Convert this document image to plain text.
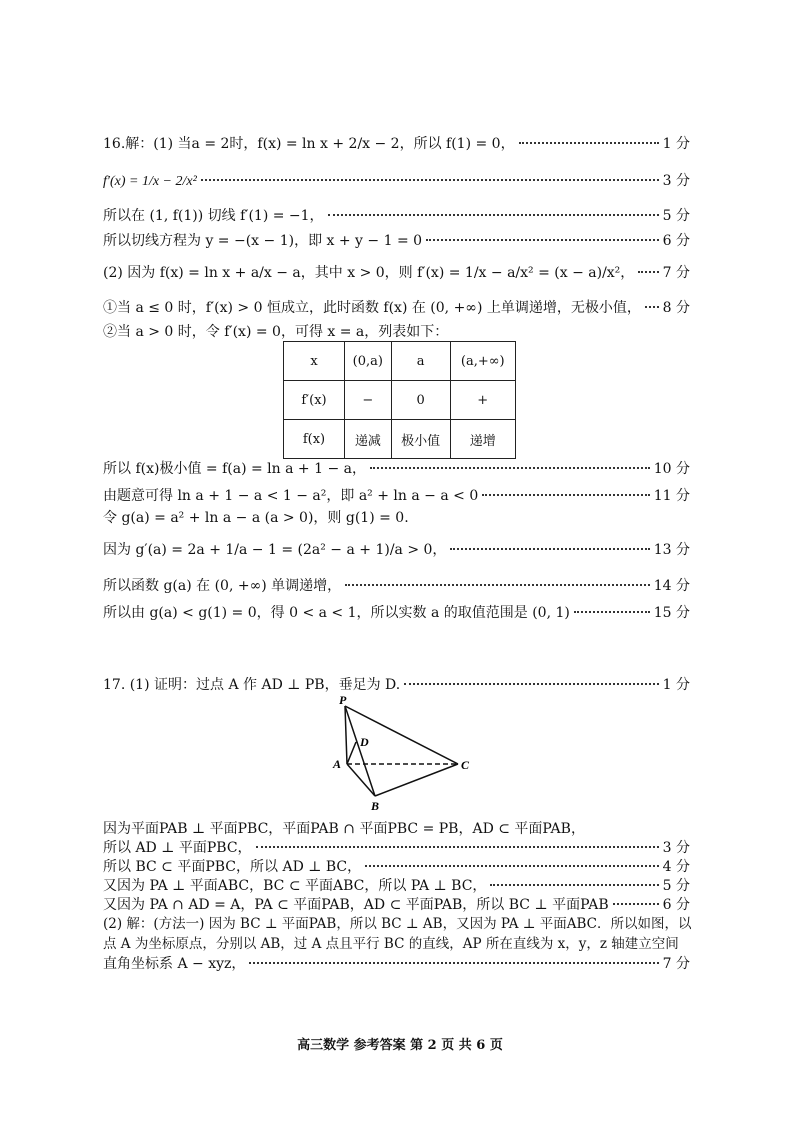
16.解：(1) 当a = 2时，f(x) = ln x + 2/x − 2，所以 f(1) = 0，	1 分
f′(x) = 1/x − 2/x²	3 分
所以在 (1, f(1)) 切线 f′(1) = −1，	5 分
所以切线方程为 y = −(x − 1)，即 x + y − 1 = 0	6 分
(2) 因为 f(x) = ln x + a/x − a，其中 x > 0，则 f′(x) = 1/x − a/x² = (x − a)/x²， 7 分
①当 a ≤ 0 时，f′(x) > 0 恒成立，此时函数 f(x) 在 (0, +∞) 上单调递增，无极小值， 8 分
②当 a > 0 时，令 f′(x) = 0，可得 x = a，列表如下：
x	(0,a)	a	(a,+∞)
f′(x)	−	0	+
f(x)	递减	极小值	递增
所以 f(x)极小值 = f(a) = ln a + 1 − a，	10 分
由题意可得 ln a + 1 − a < 1 − a²，即 a² + ln a − a < 0	11 分
令 g(a) = a² + ln a − a (a > 0)，则 g(1) = 0.
因为 g′(a) = 2a + 1/a − 1 = (2a² − a + 1)/a > 0，	13 分
所以函数 g(a) 在 (0, +∞) 单调递增，	14 分
所以由 g(a) < g(1) = 0，得 0 < a < 1，所以实数 a 的取值范围是 (0, 1)	15 分
17. (1) 证明：过点 A 作 AD ⊥ PB，垂足为 D.	1 分
P
D
A	C
B
因为平面PAB ⊥ 平面PBC，平面PAB ∩ 平面PBC = PB，AD ⊂ 平面PAB，
所以 AD ⊥ 平面PBC，	3 分
所以 BC ⊂ 平面PBC，所以 AD ⊥ BC，	4 分
又因为 PA ⊥ 平面ABC，BC ⊂ 平面ABC，所以 PA ⊥ BC，	5 分
又因为 PA ∩ AD = A，PA ⊂ 平面PAB，AD ⊂ 平面PAB，所以 BC ⊥ 平面PAB	6 分
(2) 解：(方法一) 因为 BC ⊥ 平面PAB，所以 BC ⊥ AB，又因为 PA ⊥ 平面ABC．所以如图，以
点 A 为坐标原点，分别以 AB，过 A 点且平行 BC 的直线，AP 所在直线为 x，y，z 轴建立空间
直角坐标系 A − xyz，	7 分
高三数学 参考答案 第 2 页 共 6 页
